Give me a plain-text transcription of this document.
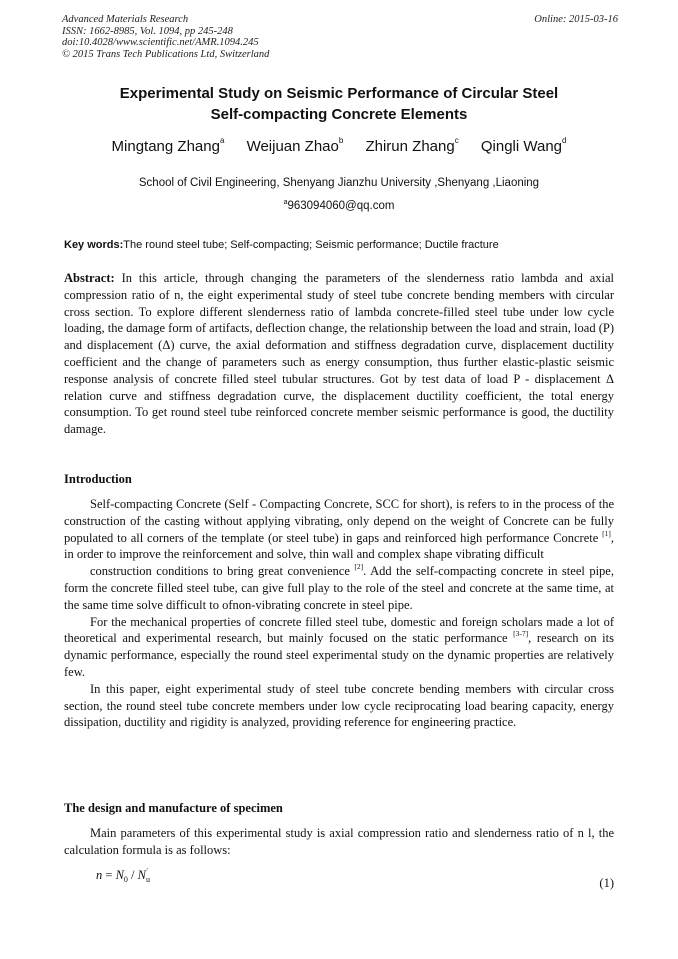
Advanced Materials Research
ISSN: 1662-8985, Vol. 1094, pp 245-248
doi:10.4028/www.scientific.net/AMR.1094.245
© 2015 Trans Tech Publications Ltd, Switzerland
Online: 2015-03-16
Experimental Study on Seismic Performance of Circular Steel
Self-compacting Concrete Elements
Mingtang Zhang$^a$ Weijuan Zhao$^b$ Zhirun Zhang$^c$ Qingli Wang$^d$
School of Civil Engineering, Shenyang Jianzhu University ,Shenyang ,Liaoning
$^a$963094060@qq.com
Key words:The round steel tube; Self-compacting; Seismic performance; Ductile fracture
Abstract: In this article, through changing the parameters of the slenderness ratio lambda and axial compression ratio of n, the eight experimental study of steel tube concrete bending members with circular cross section. To explore different slenderness ratio of lambda concrete-filled steel tube under low cycle loading, the damage form of artifacts, deflection change, the relationship between the load and strain, load (P) and displacement (Δ) curve, the axial deformation and stiffness degradation curve, displacement ductility coefficient and the change of parameters such as energy consumption, thus further elastic-plastic seismic response analysis of concrete filled steel tubular structures. Got by test data of load P - displacement Δ relation curve and stiffness degradation curve, the displacement ductility coefficient, the total energy consumption. To get round steel tube reinforced concrete member seismic performance is good, the ductility damage.
Introduction

Self-compacting Concrete (Self - Compacting Concrete, SCC for short), is refers to in the process of the construction of the casting without applying vibrating, only depend on the weight of Concrete can be fully populated to all corners of the template (or steel tube) in gaps and reinforced high performance Concrete [1], in order to improve the reinforcement and solve, thin wall and complex shape vibrating difficult

construction conditions to bring great convenience [2]. Add the self-compacting concrete in steel pipe, form the concrete filled steel tube, can give full play to the role of the steel and concrete at the same time, at the same time solve difficult to ofnon-vibrating concrete in steel pipe.

For the mechanical properties of concrete filled steel tube, domestic and foreign scholars made a lot of theoretical and experimental research, but mainly focused on the static performance [3-7], research on its dynamic performance, especially the round steel experimental study on the dynamic properties are relatively few.

In this paper, eight experimental study of steel tube concrete bending members with circular cross section, the round steel tube concrete members under low cycle reciprocating load bearing capacity, energy dissipation, ductility and rigidity is analyzed, providing reference for engineering practice.

The design and manufacture of specimen

Main parameters of this experimental study is axial compression ratio and slenderness ratio of n l, the calculation formula is as follows:

$n = N_0 / N_u'$
(1)
